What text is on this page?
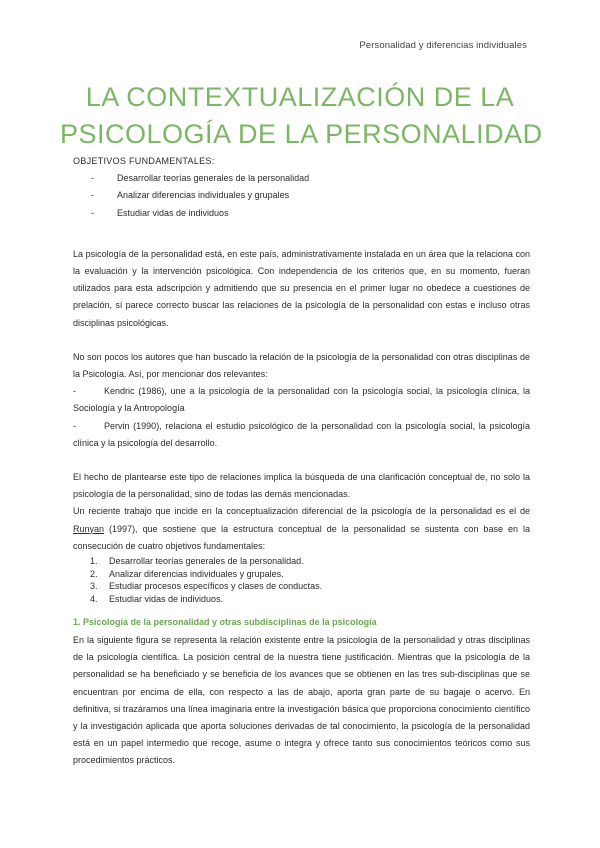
Personalidad y diferencias individuales
LA CONTEXTUALIZACIÓN DE LA
PSICOLOGÍA DE LA PERSONALIDAD
OBJETIVOS FUNDAMENTALES:
-	Desarrollar teorías generales de la personalidad
-	Analizar diferencias individuales y grupales
-	Estudiar vidas de individuos
La psicología de la personalidad está, en este país, administrativamente instalada en un área que la relaciona con la evaluación y la intervención psicológica. Con independencia de los criterios que, en su momento, fueran utilizados para esta adscripción y admitiendo que su presencia en el primer lugar no obedece a cuestiones de prelación, sí parece correcto buscar las relaciones de la psicología de la personalidad con estas e incluso otras disciplinas psicológicas.
No son pocos los autores que han buscado la relación de la psicología de la personalidad con otras disciplinas de la Psicología. Así, por mencionar dos relevantes:
-	Kendric (1986), une a la psicología de la personalidad con la psicología social, la psicología clínica, la Sociología y la Antropología
-	Pervin (1990), relaciona el estudio psicológico de la personalidad con la psicología social, la psicología clínica y la psicología del desarrollo.
El hecho de plantearse este tipo de relaciones implica la búsqueda de una clarificación conceptual de, no solo la psicología de la personalidad, sino de todas las demás mencionadas.
Un reciente trabajo que incide en la conceptualización diferencial de la psicología de la personalidad es el de Runyan (1997), que sostiene que la estructura conceptual de la personalidad se sustenta con base en la consecución de cuatro objetivos fundamentales:
1. Desarrollar teorías generales de la personalidad.
2. Analizar diferencias individuales y grupales.
3. Estudiar procesos específicos y clases de conductas.
4. Estudiar vidas de individuos.
1. Psicología de la personalidad y otras subdisciplinas de la psicología
En la siguiente figura se representa la relación existente entre la psicología de la personalidad y otras disciplinas de la psicología científica. La posición central de la nuestra tiene justificación. Mientras que la psicología de la personalidad se ha beneficiado y se beneficia de los avances que se obtienen en las tres sub-disciplinas que se encuentran por encima de ella, con respecto a las de abajo, aporta gran parte de su bagaje o acervo. En definitiva, si trazáramos una línea imaginaria entre la investigación básica que proporciona conocimiento científico y la investigación aplicada que aporta soluciones derivadas de tal conocimiento, la psicología de la personalidad está en un papel intermedio que recoge, asume o integra y ofrece tanto sus conocimientos teóricos como sus procedimientos prácticos.
